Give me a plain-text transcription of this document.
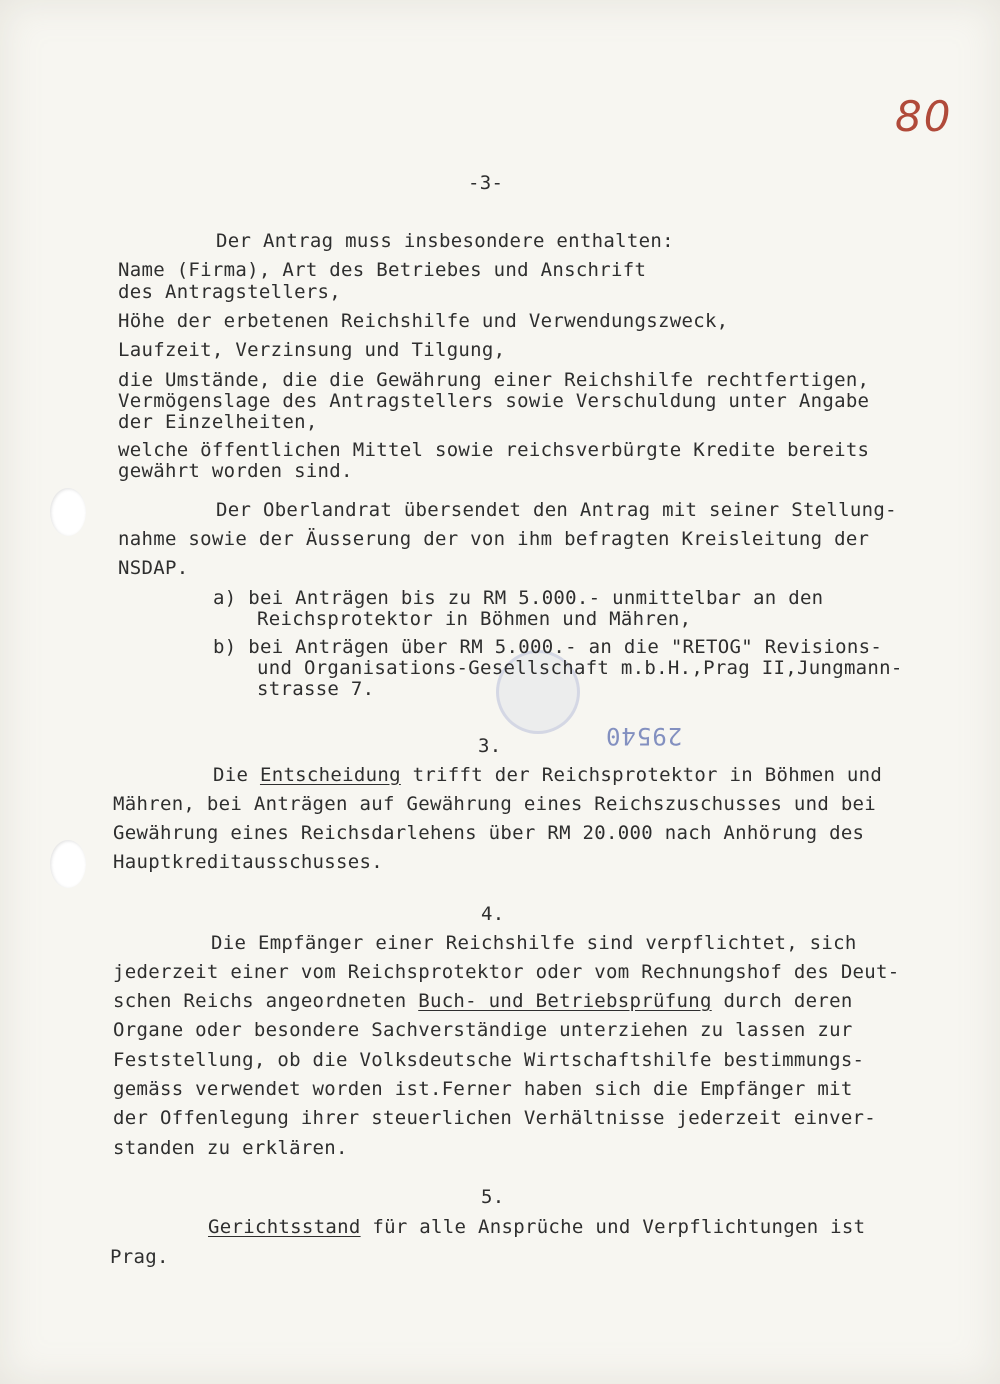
80
29540
-3-
Der Antrag muss insbesondere enthalten:
Name (Firma), Art des Betriebes und Anschrift
des Antragstellers,
Höhe der erbetenen Reichshilfe und Verwendungszweck,
Laufzeit, Verzinsung und Tilgung,
die Umstände, die die Gewährung einer Reichshilfe rechtfertigen,
Vermögenslage des Antragstellers sowie Verschuldung unter Angabe
der Einzelheiten,
welche öffentlichen Mittel sowie reichsverbürgte Kredite bereits
gewährt worden sind.
Der Oberlandrat übersendet den Antrag mit seiner Stellung-
nahme sowie der Äusserung der von ihm befragten Kreisleitung der
NSDAP.
a) bei Anträgen bis zu RM 5.000.- unmittelbar an den
Reichsprotektor in Böhmen und Mähren,
b) bei Anträgen über RM 5.000.- an die "RETOG" Revisions-
und Organisations-Gesellschaft m.b.H.,Prag II,Jungmann-
strasse 7.
3.
Die Entscheidung trifft der Reichsprotektor in Böhmen und
Mähren, bei Anträgen auf Gewährung eines Reichszuschusses und bei
Gewährung eines Reichsdarlehens über RM 20.000 nach Anhörung des
Hauptkreditausschusses.
4.
Die Empfänger einer Reichshilfe sind verpflichtet, sich
jederzeit einer vom Reichsprotektor oder vom Rechnungshof des Deut-
schen Reichs angeordneten Buch- und Betriebsprüfung durch deren
Organe oder besondere Sachverständige unterziehen zu lassen zur
Feststellung, ob die Volksdeutsche Wirtschaftshilfe bestimmungs-
gemäss verwendet worden ist.Ferner haben sich die Empfänger mit
der Offenlegung ihrer steuerlichen Verhältnisse jederzeit einver-
standen zu erklären.
5.
Gerichtsstand für alle Ansprüche und Verpflichtungen ist
Prag.
